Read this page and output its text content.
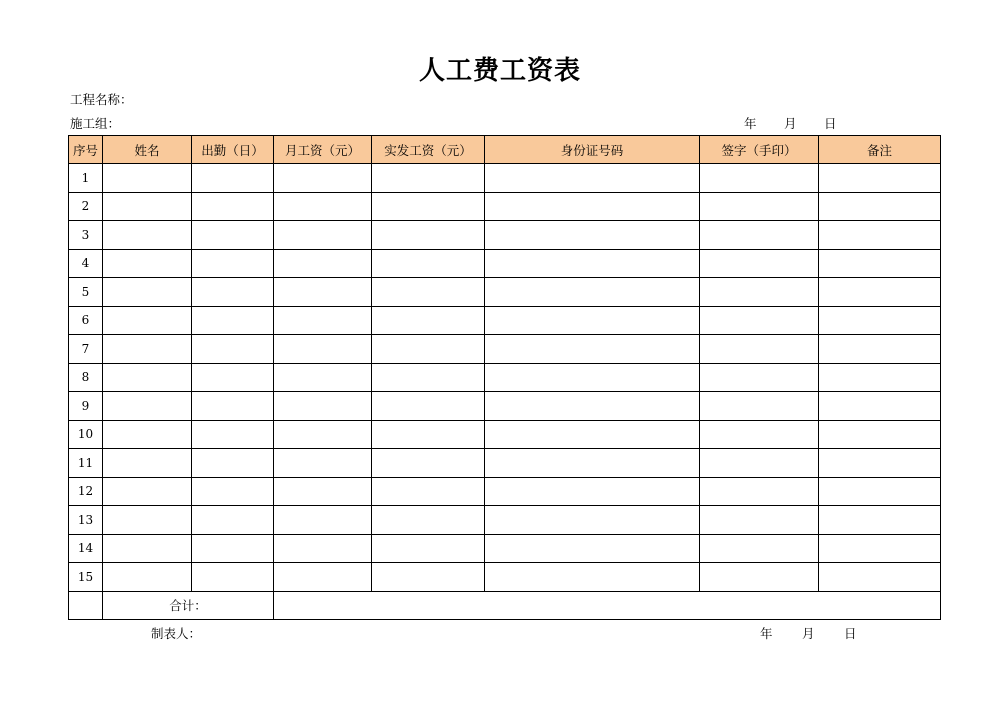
人工费工资表
工程名称：
施工组：	年 月 日
序号	姓名	出勤（日）	月工资（元）	实发工资（元）	身份证号码	签字（手印）	备注
1							
2							
3							
4							
5							
6							
7							
8							
9							
10							
11							
12							
13							
14							
15							
	合计：						
制表人：	年 月 日
